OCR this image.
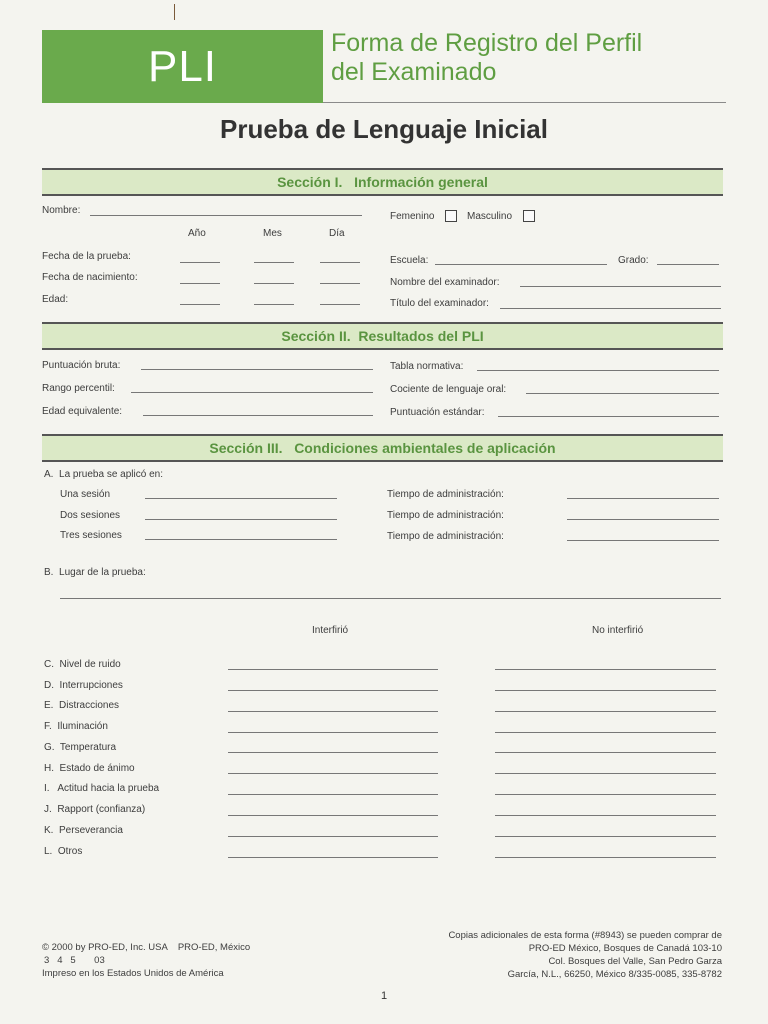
PLI	Forma de Registro del Perfil
del Examinado
Prueba de Lenguaje Inicial
Sección I.   Información general
Nombre:
Femenino	Masculino
Año	Mes	Día
Fecha de la prueba:
Fecha de nacimiento:
Edad:
Escuela:	Grado:
Nombre del examinador:
Título del examinador:
Sección II.  Resultados del PLI
Puntuación bruta:
Rango percentil:
Edad equivalente:
Tabla normativa:
Cociente de lenguaje oral:
Puntuación estándar:
Sección III.   Condiciones ambientales de aplicación
A.  La prueba se aplicó en:
Una sesión	Tiempo de administración:
Dos sesiones	Tiempo de administración:
Tres sesiones	Tiempo de administración:
B.  Lugar de la prueba:
Interfirió	No interfirió
C.  Nivel de ruido
D.  Interrupciones
E.  Distracciones
F.  Iluminación
G.  Temperatura
H.  Estado de ánimo
I.   Actitud hacia la prueba
J.  Rapport (confianza)
K.  Perseverancia
L.  Otros
© 2000 by PRO-ED, Inc. USA    PRO-ED, México
3   4   5       03
Impreso en los Estados Unidos de América
Copias adicionales de esta forma (#8943) se pueden comprar de
PRO-ED México, Bosques de Canadá 103-10
Col. Bosques del Valle, San Pedro Garza
García, N.L., 66250, México 8/335-0085, 335-8782
1
